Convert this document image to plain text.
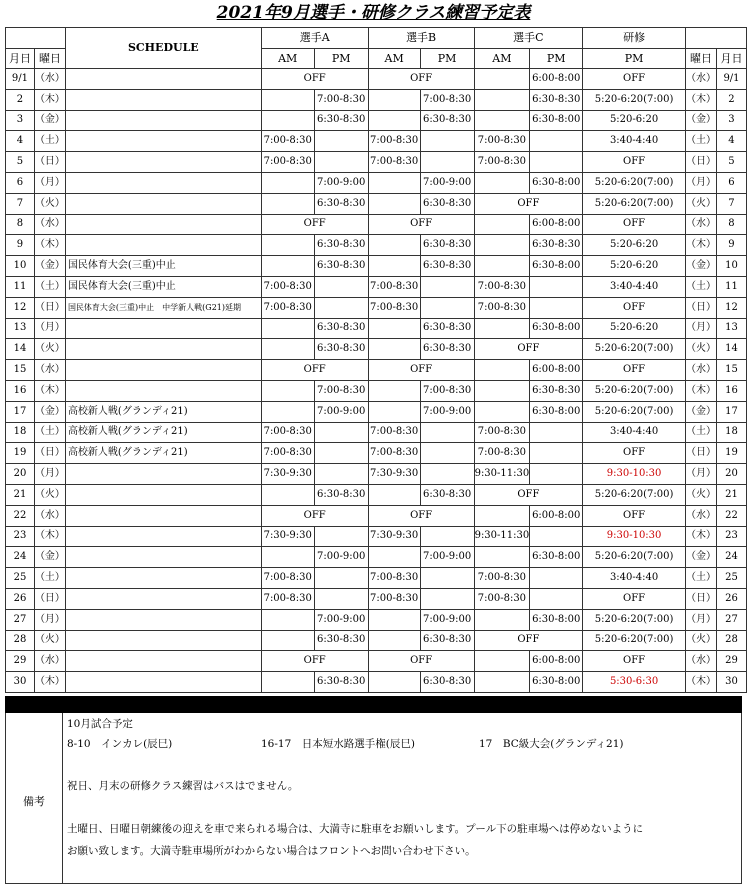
2021年9月選手・研修クラス練習予定表
		SCHEDULE	選手A		選手B		選手C		研修		
月日	曜日		AM	PM	AM	PM	AM	PM	PM	曜日	月日
9/1	（水）		OFF		OFF			6:00-8:00	OFF	（水）	9/1
2	（木）			7:00-8:30		7:00-8:30		6:30-8:30	5:20-6:20(7:00)	（木）	2
3	（金）			6:30-8:30		6:30-8:30		6:30-8:00	5:20-6:20	（金）	3
4	（土）		7:00-8:30		7:00-8:30		7:00-8:30		3:40-4:40	（土）	4
5	（日）		7:00-8:30		7:00-8:30		7:00-8:30		OFF	（日）	5
6	（月）			7:00-9:00		7:00-9:00		6:30-8:00	5:20-6:20(7:00)	（月）	6
7	（火）			6:30-8:30		6:30-8:30	OFF		5:20-6:20(7:00)	（火）	7
8	（水）		OFF		OFF			6:00-8:00	OFF	（水）	8
9	（木）			6:30-8:30		6:30-8:30		6:30-8:30	5:20-6:20	（木）	9
10	（金）	国民体育大会(三重)中止		6:30-8:30		6:30-8:30		6:30-8:00	5:20-6:20	（金）	10
11	（土）	国民体育大会(三重)中止	7:00-8:30		7:00-8:30		7:00-8:30		3:40-4:40	（土）	11
12	（日）	国民体育大会(三重)中止　中学新人戦(G21)延期	7:00-8:30		7:00-8:30		7:00-8:30		OFF	（日）	12
13	（月）			6:30-8:30		6:30-8:30		6:30-8:00	5:20-6:20	（月）	13
14	（火）			6:30-8:30		6:30-8:30	OFF		5:20-6:20(7:00)	（火）	14
15	（水）		OFF		OFF			6:00-8:00	OFF	（水）	15
16	（木）			7:00-8:30		7:00-8:30		6:30-8:30	5:20-6:20(7:00)	（木）	16
17	（金）	高校新人戦(グランディ21)		7:00-9:00		7:00-9:00		6:30-8:00	5:20-6:20(7:00)	（金）	17
18	（土）	高校新人戦(グランディ21)	7:00-8:30		7:00-8:30		7:00-8:30		3:40-4:40	（土）	18
19	（日）	高校新人戦(グランディ21)	7:00-8:30		7:00-8:30		7:00-8:30		OFF	（日）	19
20	（月）		7:30-9:30		7:30-9:30		9:30-11:30		9:30-10:30	（月）	20
21	（火）			6:30-8:30		6:30-8:30	OFF		5:20-6:20(7:00)	（火）	21
22	（水）		OFF		OFF			6:00-8:00	OFF	（水）	22
23	（木）		7:30-9:30		7:30-9:30		9:30-11:30		9:30-10:30	（木）	23
24	（金）			7:00-9:00		7:00-9:00		6:30-8:00	5:20-6:20(7:00)	（金）	24
25	（土）		7:00-8:30		7:00-8:30		7:00-8:30		3:40-4:40	（土）	25
26	（日）		7:00-8:30		7:00-8:30		7:00-8:30		OFF	（日）	26
27	（月）			7:00-9:00		7:00-9:00		6:30-8:00	5:20-6:20(7:00)	（月）	27
28	（火）			6:30-8:30		6:30-8:30	OFF		5:20-6:20(7:00)	（火）	28
29	（水）		OFF		OFF			6:00-8:00	OFF	（水）	29
30	（木）			6:30-8:30		6:30-8:30		6:30-8:00	5:30-6:30	（木）	30
備考
10月試合予定
8-10　インカレ(辰巳)	16-17　日本短水路選手権(辰巳)	17　BC級大会(グランディ21)
祝日、月末の研修クラス練習はバスはでません。
土曜日、日曜日朝練後の迎えを車で来られる場合は、大満寺に駐車をお願いします。プール下の駐車場へは停めないように
お願い致します。大満寺駐車場所がわからない場合はフロントへお問い合わせ下さい。
